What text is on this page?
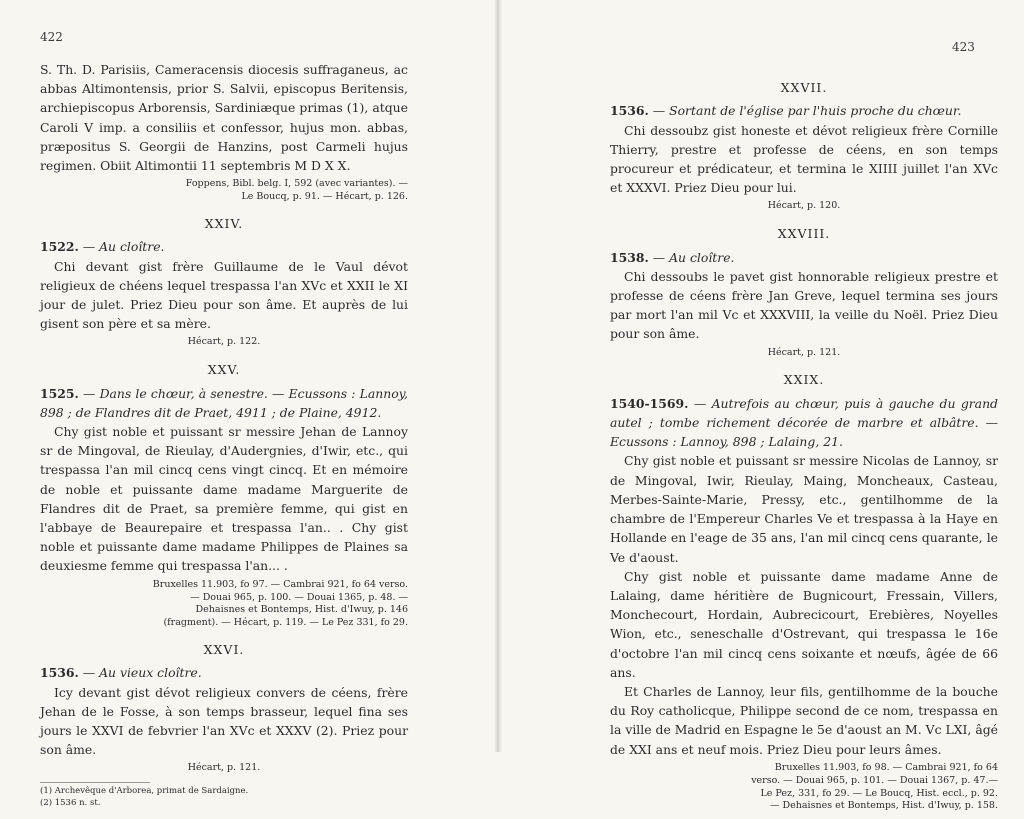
422

S. Th. D. Parisiis, Cameracensis diocesis suffraganeus, ac abbas Altimontensis, prior S. Salvii, episcopus Beritensis, archiepiscopus Arborensis, Sardiniæque primas (1), atque Caroli V imp. a consiliis et confessor, hujus mon. abbas, præpositus S. Georgii de Hanzins, post Carmeli hujus regimen. Obiit Altimontii 11 septembris M D X X.

Foppens, Bibl. belg. I, 592 (avec variantes). —
Le Boucq, p. 91. — Hécart, p. 126.
XXIV.

1522. — Au cloître.

Chi devant gist frère Guillaume de le Vaul dévot religieux de chéens lequel trespassa l'an XVc et XXII le XI jour de julet. Priez Dieu pour son âme. Et auprès de lui gisent son père et sa mère.

Hécart, p. 122.
XXV.

1525. — Dans le chœur, à senestre. — Ecussons : Lannoy, 898 ; de Flandres dit de Praet, 4911 ; de Plaine, 4912.

Chy gist noble et puissant sr messire Jehan de Lannoy sr de Mingoval, de Rieulay, d'Audergnies, d'Iwir, etc., qui trespassa l'an mil cincq cens vingt cincq. Et en mémoire de noble et puissante dame madame Marguerite de Flandres dit de Praet, sa première femme, qui gist en l'abbaye de Beaurepaire et trespassa l'an.. . Chy gist noble et puissante dame madame Philippes de Plaines sa deuxiesme femme qui trespassa l'an... .

Bruxelles 11.903, fo 97. — Cambrai 921, fo 64 verso.
— Douai 965, p. 100. — Douai 1365, p. 48. —
Dehaisnes et Bontemps, Hist. d'Iwuy, p. 146
(fragment). — Hécart, p. 119. — Le Pez 331, fo 29.
XXVI.

1536. — Au vieux cloître.

Icy devant gist dévot religieux convers de céens, frère Jehan de le Fosse, à son temps brasseur, lequel fina ses jours le XXVI de febvrier l'an XVc et XXXV (2). Priez pour son âme.

Hécart, p. 121.
(1) Archevêque d'Arborea, primat de Sardaigne.
(2) 1536 n. st.
423
XXVII.

1536. — Sortant de l'église par l'huis proche du chœur.

Chi dessoubz gist honeste et dévot religieux frère Cornille Thierry, prestre et professe de céens, en son temps procureur et prédicateur, et termina le XIIII juillet l'an XVc et XXXVI. Priez Dieu pour lui.

Hécart, p. 120.
XXVIII.

1538. — Au cloître.

Chi dessoubs le pavet gist honnorable religieux prestre et professe de céens frère Jan Greve, lequel termina ses jours par mort l'an mil Vc et XXXVIII, la veille du Noël. Priez Dieu pour son âme.

Hécart, p. 121.
XXIX.

1540-1569. — Autrefois au chœur, puis à gauche du grand autel ; tombe richement décorée de marbre et albâtre. — Ecussons : Lannoy, 898 ; Lalaing, 21.

Chy gist noble et puissant sr messire Nicolas de Lannoy, sr de Mingoval, Iwir, Rieulay, Maing, Moncheaux, Casteau, Merbes-Sainte-Marie, Pressy, etc., gentilhomme de la chambre de l'Empereur Charles Ve et trespassa à la Haye en Hollande en l'eage de 35 ans, l'an mil cincq cens quarante, le Ve d'aoust.

Chy gist noble et puissante dame madame Anne de Lalaing, dame héritière de Bugnicourt, Fressain, Villers, Monchecourt, Hordain, Aubrecicourt, Erebières, Noyelles Wion, etc., seneschalle d'Ostrevant, qui trespassa le 16e d'octobre l'an mil cincq cens soixante et nœufs, âgée de 66 ans.

Et Charles de Lannoy, leur fils, gentilhomme de la bouche du Roy catholicque, Philippe second de ce nom, trespassa en la ville de Madrid en Espagne le 5e d'aoust an M. Vc LXI, âgé de XXI ans et neuf mois. Priez Dieu pour leurs âmes.

Bruxelles 11.903, fo 98. — Cambrai 921, fo 64
verso. — Douai 965, p. 101. — Douai 1367, p. 47.—
Le Pez, 331, fo 29. — Le Boucq, Hist. eccl., p. 92.
— Dehaisnes et Bontemps, Hist. d'Iwuy, p. 158.
